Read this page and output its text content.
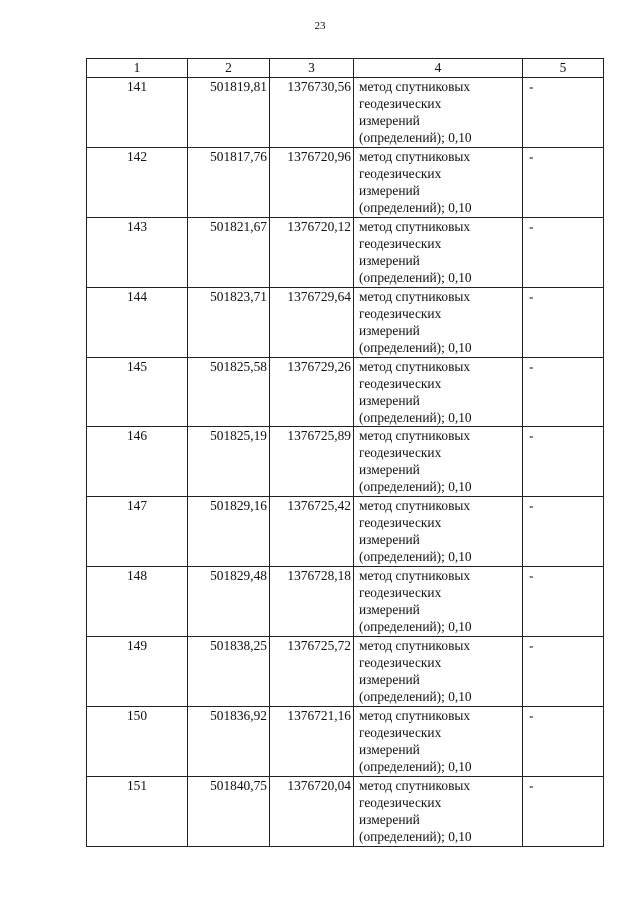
23
1	2	3	4	5
141	501819,81	1376730,56	метод спутниковых
геодезических
измерений
(определений); 0,10	-
142	501817,76	1376720,96	метод спутниковых
геодезических
измерений
(определений); 0,10	-
143	501821,67	1376720,12	метод спутниковых
геодезических
измерений
(определений); 0,10	-
144	501823,71	1376729,64	метод спутниковых
геодезических
измерений
(определений); 0,10	-
145	501825,58	1376729,26	метод спутниковых
геодезических
измерений
(определений); 0,10	-
146	501825,19	1376725,89	метод спутниковых
геодезических
измерений
(определений); 0,10	-
147	501829,16	1376725,42	метод спутниковых
геодезических
измерений
(определений); 0,10	-
148	501829,48	1376728,18	метод спутниковых
геодезических
измерений
(определений); 0,10	-
149	501838,25	1376725,72	метод спутниковых
геодезических
измерений
(определений); 0,10	-
150	501836,92	1376721,16	метод спутниковых
геодезических
измерений
(определений); 0,10	-
151	501840,75	1376720,04	метод спутниковых
геодезических
измерений
(определений); 0,10	-
